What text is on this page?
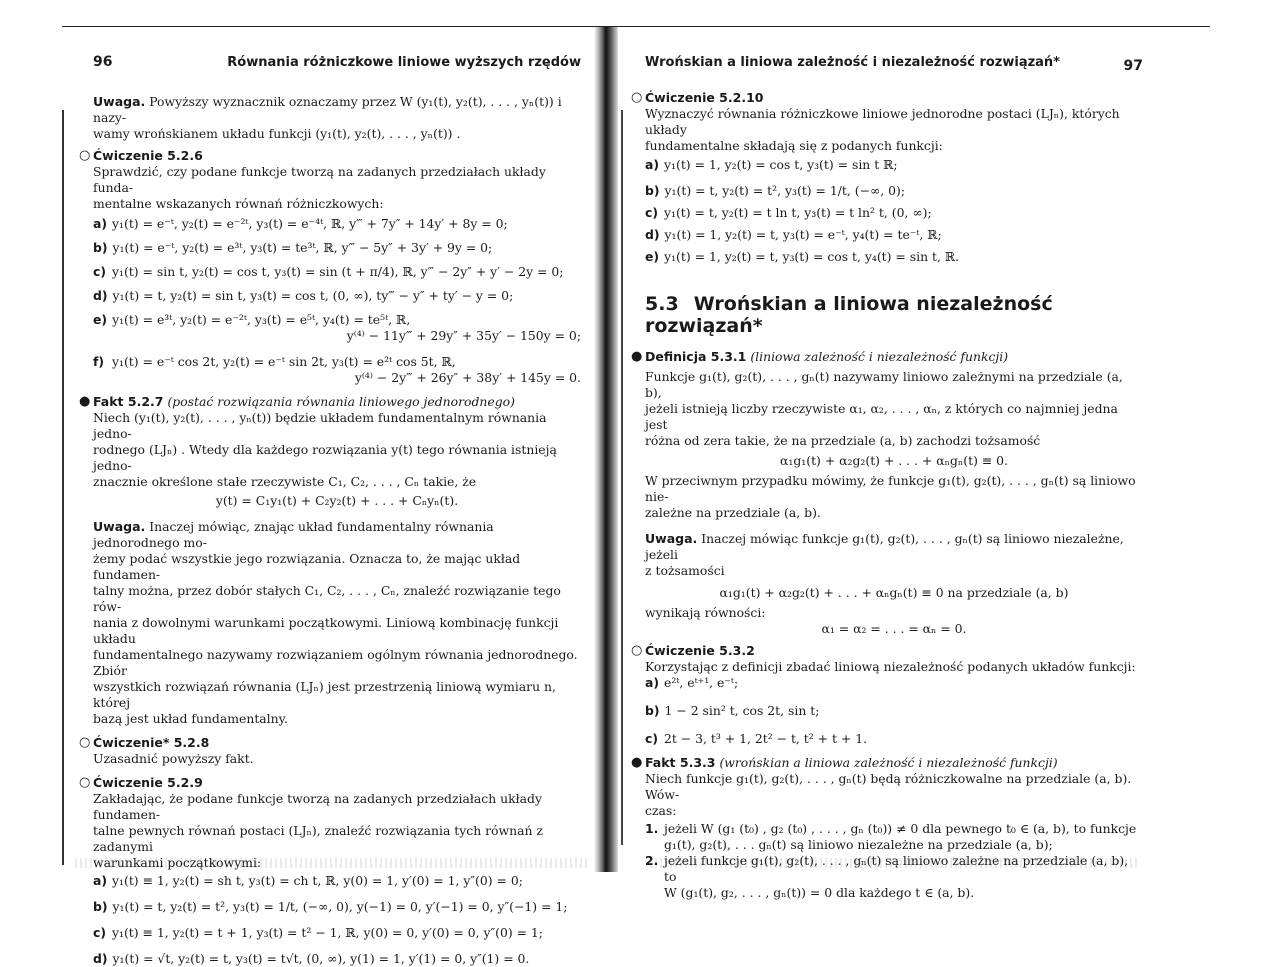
96	Równania różniczkowe liniowe wyższych rzędów

Uwaga. Powyższy wyznacznik oznaczamy przez W (y₁(t), y₂(t), . . . , yₙ(t)) i nazy-

wamy wrońskianem układu funkcji (y₁(t), y₂(t), . . . , yₙ(t)) .

○ Ćwiczenie 5.2.6

Sprawdzić, czy podane funkcje tworzą na zadanych przedziałach układy funda-

mentalne wskazanych równań różniczkowych:

a) y₁(t) = e⁻ᵗ, y₂(t) = e⁻²ᵗ, y₃(t) = e⁻⁴ᵗ, ℝ, y‴ + 7y″ + 14y′ + 8y = 0;
b) y₁(t) = e⁻ᵗ, y₂(t) = e³ᵗ, y₃(t) = te³ᵗ, ℝ, y‴ − 5y″ + 3y′ + 9y = 0;
c) y₁(t) = sin t, y₂(t) = cos t, y₃(t) = sin (t + π/4), ℝ, y‴ − 2y″ + y′ − 2y = 0;
d) y₁(t) = t, y₂(t) = sin t, y₃(t) = cos t, (0, ∞), ty‴ − y″ + ty′ − y = 0;
e) y₁(t) = e³ᵗ, y₂(t) = e⁻²ᵗ, y₃(t) = e⁵ᵗ, y₄(t) = te⁵ᵗ, ℝ,

y⁽⁴⁾ − 11y‴ + 29y″ + 35y′ − 150y = 0;

f) y₁(t) = e⁻ᵗ cos 2t, y₂(t) = e⁻ᵗ sin 2t, y₃(t) = e²ᵗ cos 5t, ℝ,

y⁽⁴⁾ − 2y‴ + 26y″ + 38y′ + 145y = 0.

● Fakt 5.2.7 (postać rozwiązania równania liniowego jednorodnego)

Niech (y₁(t), y₂(t), . . . , yₙ(t)) będzie układem fundamentalnym równania jedno-

rodnego (LJₙ) . Wtedy dla każdego rozwiązania y(t) tego równania istnieją jedno-

znacznie określone stałe rzeczywiste C₁, C₂, . . . , Cₙ takie, że

y(t) = C₁y₁(t) + C₂y₂(t) + . . . + Cₙyₙ(t).

Uwaga. Inaczej mówiąc, znając układ fundamentalny równania jednorodnego mo-

żemy podać wszystkie jego rozwiązania. Oznacza to, że mając układ fundamen-

talny można, przez dobór stałych C₁, C₂, . . . , Cₙ, znaleźć rozwiązanie tego rów-

nania z dowolnymi warunkami początkowymi. Liniową kombinację funkcji układu

fundamentalnego nazywamy rozwiązaniem ogólnym równania jednorodnego. Zbiór

wszystkich rozwiązań równania (LJₙ) jest przestrzenią liniową wymiaru n, której

bazą jest układ fundamentalny.

○ Ćwiczenie* 5.2.8

Uzasadnić powyższy fakt.

○ Ćwiczenie 5.2.9

Zakładając, że podane funkcje tworzą na zadanych przedziałach układy fundamen-

talne pewnych równań postaci (LJₙ), znaleźć rozwiązania tych równań z zadanymi

warunkami początkowymi:

a) y₁(t) ≡ 1, y₂(t) = sh t, y₃(t) = ch t, ℝ, y(0) = 1, y′(0) = 1, y″(0) = 0;
b) y₁(t) = t, y₂(t) = t², y₃(t) = 1/t, (−∞, 0), y(−1) = 0, y′(−1) = 0, y″(−1) = 1;
c) y₁(t) ≡ 1, y₂(t) = t + 1, y₃(t) = t² − 1, ℝ, y(0) = 0, y′(0) = 0, y″(0) = 1;
d) y₁(t) = √t, y₂(t) = t, y₃(t) = t√t, (0, ∞), y(1) = 1, y′(1) = 0, y″(1) = 0.
Wrońskian a liniowa zależność i niezależność rozwiązań*	97
○ Ćwiczenie 5.2.10

Wyznaczyć równania różniczkowe liniowe jednorodne postaci (LJₙ), których układy

fundamentalne składają się z podanych funkcji:

a) y₁(t) = 1, y₂(t) = cos t, y₃(t) = sin t ℝ;
b) y₁(t) = t, y₂(t) = t², y₃(t) = 1/t, (−∞, 0);
c) y₁(t) = t, y₂(t) = t ln t, y₃(t) = t ln² t, (0, ∞);
d) y₁(t) = 1, y₂(t) = t, y₃(t) = e⁻ᵗ, y₄(t) = te⁻ᵗ, ℝ;
e) y₁(t) = 1, y₂(t) = t, y₃(t) = cos t, y₄(t) = sin t, ℝ.
5.3 Wrońskian a liniowa niezależność rozwiązań*
● Definicja 5.3.1 (liniowa zależność i niezależność funkcji)

Funkcje g₁(t), g₂(t), . . . , gₙ(t) nazywamy liniowo zależnymi na przedziale (a, b),

jeżeli istnieją liczby rzeczywiste α₁, α₂, . . . , αₙ, z których co najmniej jedna jest

różna od zera takie, że na przedziale (a, b) zachodzi tożsamość

α₁g₁(t) + α₂g₂(t) + . . . + αₙgₙ(t) ≡ 0.

W przeciwnym przypadku mówimy, że funkcje g₁(t), g₂(t), . . . , gₙ(t) są liniowo nie-

zależne na przedziale (a, b).

Uwaga. Inaczej mówiąc funkcje g₁(t), g₂(t), . . . , gₙ(t) są liniowo niezależne, jeżeli

z tożsamości

α₁g₁(t) + α₂g₂(t) + . . . + αₙgₙ(t) ≡ 0 na przedziale (a, b)

wynikają równości:

α₁ = α₂ = . . . = αₙ = 0.

○ Ćwiczenie 5.3.2

Korzystając z definicji zbadać liniową niezależność podanych układów funkcji:

a) e²ᵗ, eᵗ⁺¹, e⁻ᵗ;
b) 1 − 2 sin² t, cos 2t, sin t;
c) 2t − 3, t³ + 1, 2t² − t, t² + t + 1.
● Fakt 5.3.3 (wrońskian a liniowa zależność i niezależność funkcji)

Niech funkcje g₁(t), g₂(t), . . . , gₙ(t) będą różniczkowalne na przedziale (a, b). Wów-

czas:

1. jeżeli W (g₁ (t₀) , g₂ (t₀) , . . . , gₙ (t₀)) ≠ 0 dla pewnego t₀ ∈ (a, b), to funkcje
g₁(t), g₂(t), . . . gₙ(t) są liniowo niezależne na przedziale (a, b);
2. jeżeli funkcje g₁(t), g₂(t), . . . , gₙ(t) są liniowo zależne na przedziale (a, b), to
W (g₁(t), g₂, . . . , gₙ(t)) = 0 dla każdego t ∈ (a, b).
